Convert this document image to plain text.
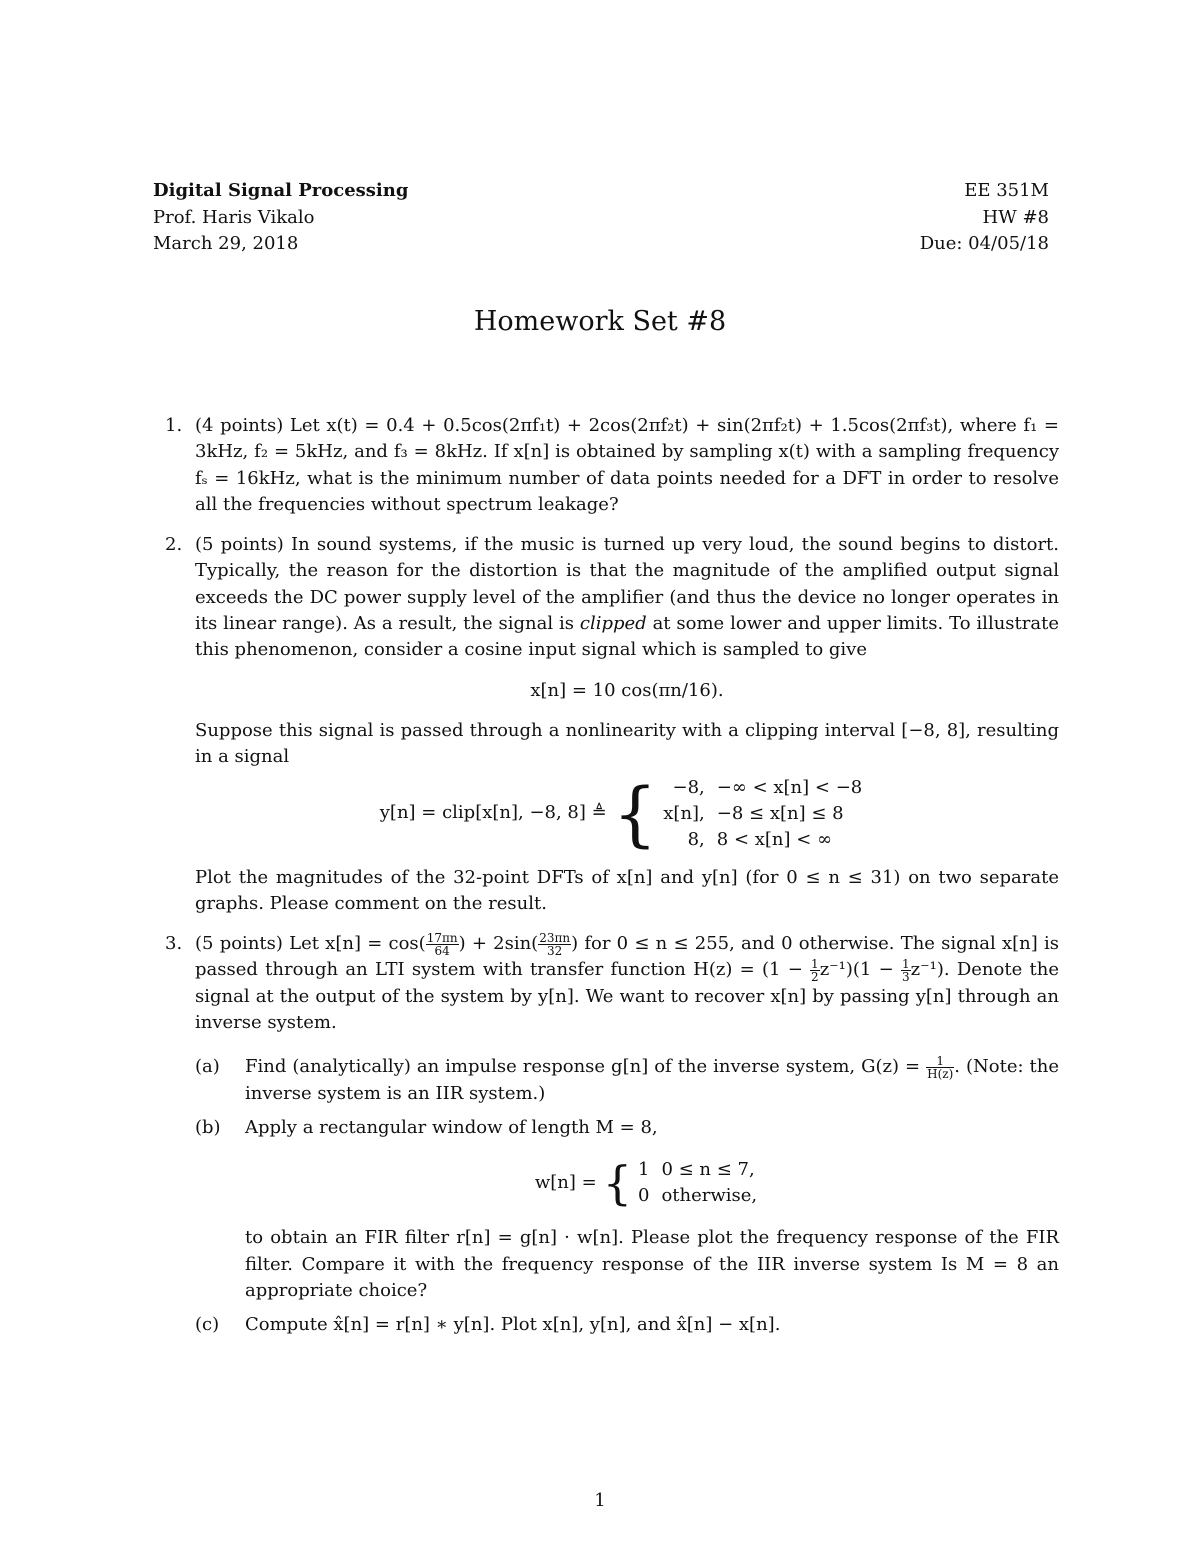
Digital Signal Processing
Prof. Haris Vikalo
March 29, 2018
EE 351M
HW #8
Due: 04/05/18
Homework Set #8
1. (4 points) Let x(t) = 0.4 + 0.5cos(2πf₁t) + 2cos(2πf₂t) + sin(2πf₂t) + 1.5cos(2πf₃t), where f₁ = 3kHz, f₂ = 5kHz, and f₃ = 8kHz. If x[n] is obtained by sampling x(t) with a sampling frequency fₛ = 16kHz, what is the minimum number of data points needed for a DFT in order to resolve all the frequencies without spectrum leakage?

2. (5 points) In sound systems, if the music is turned up very loud, the sound begins to distort. Typically, the reason for the distortion is that the magnitude of the amplified output signal exceeds the DC power supply level of the amplifier (and thus the device no longer operates in its linear range). As a result, the signal is clipped at some lower and upper limits. To illustrate this phenomenon, consider a cosine input signal which is sampled to give

x[n] = 10 cos(πn/16).

Suppose this signal is passed through a nonlinearity with a clipping interval [−8, 8], resulting in a signal

y[n] = clip[x[n], −8, 8] ≜ { −8,	−∞ < x[n] < −8
x[n],	−8 ≤ x[n] ≤ 8
8,	8 < x[n] < ∞

Plot the magnitudes of the 32-point DFTs of x[n] and y[n] (for 0 ≤ n ≤ 31) on two separate graphs. Please comment on the result.

3. (5 points) Let $x[n] = \cos( \frac{17\pi n}{64}$ ) + $2\sin( \frac{23\pi n}{32}$ ) for 0 ≤ n ≤ 255, and 0 otherwise. The signal x[n] is passed through an LTI system with transfer function $H(z) = (1 - \frac{1}{2} z^{-1})(1 - \frac{1}{3} z^{-1})$. Denote the signal at the output of the system by y[n]. We want to recover x[n] by passing y[n] through an inverse system.

(a) Find (analytically) an impulse response g[n] of the inverse system, $G(z) = \frac{1}{H(z)}$ . (Note: the inverse system is an IIR system.)

(b) Apply a rectangular window of length M = 8,

w[n] = { 1	0 ≤ n ≤ 7,
0	otherwise,

to obtain an FIR filter r[n] = g[n] · w[n]. Please plot the frequency response of the FIR filter. Compare it with the frequency response of the IIR inverse system Is M = 8 an appropriate choice?

(c) Compute x̂[n] = r[n] ∗ y[n]. Plot x[n], y[n], and x̂[n] − x[n].

1
